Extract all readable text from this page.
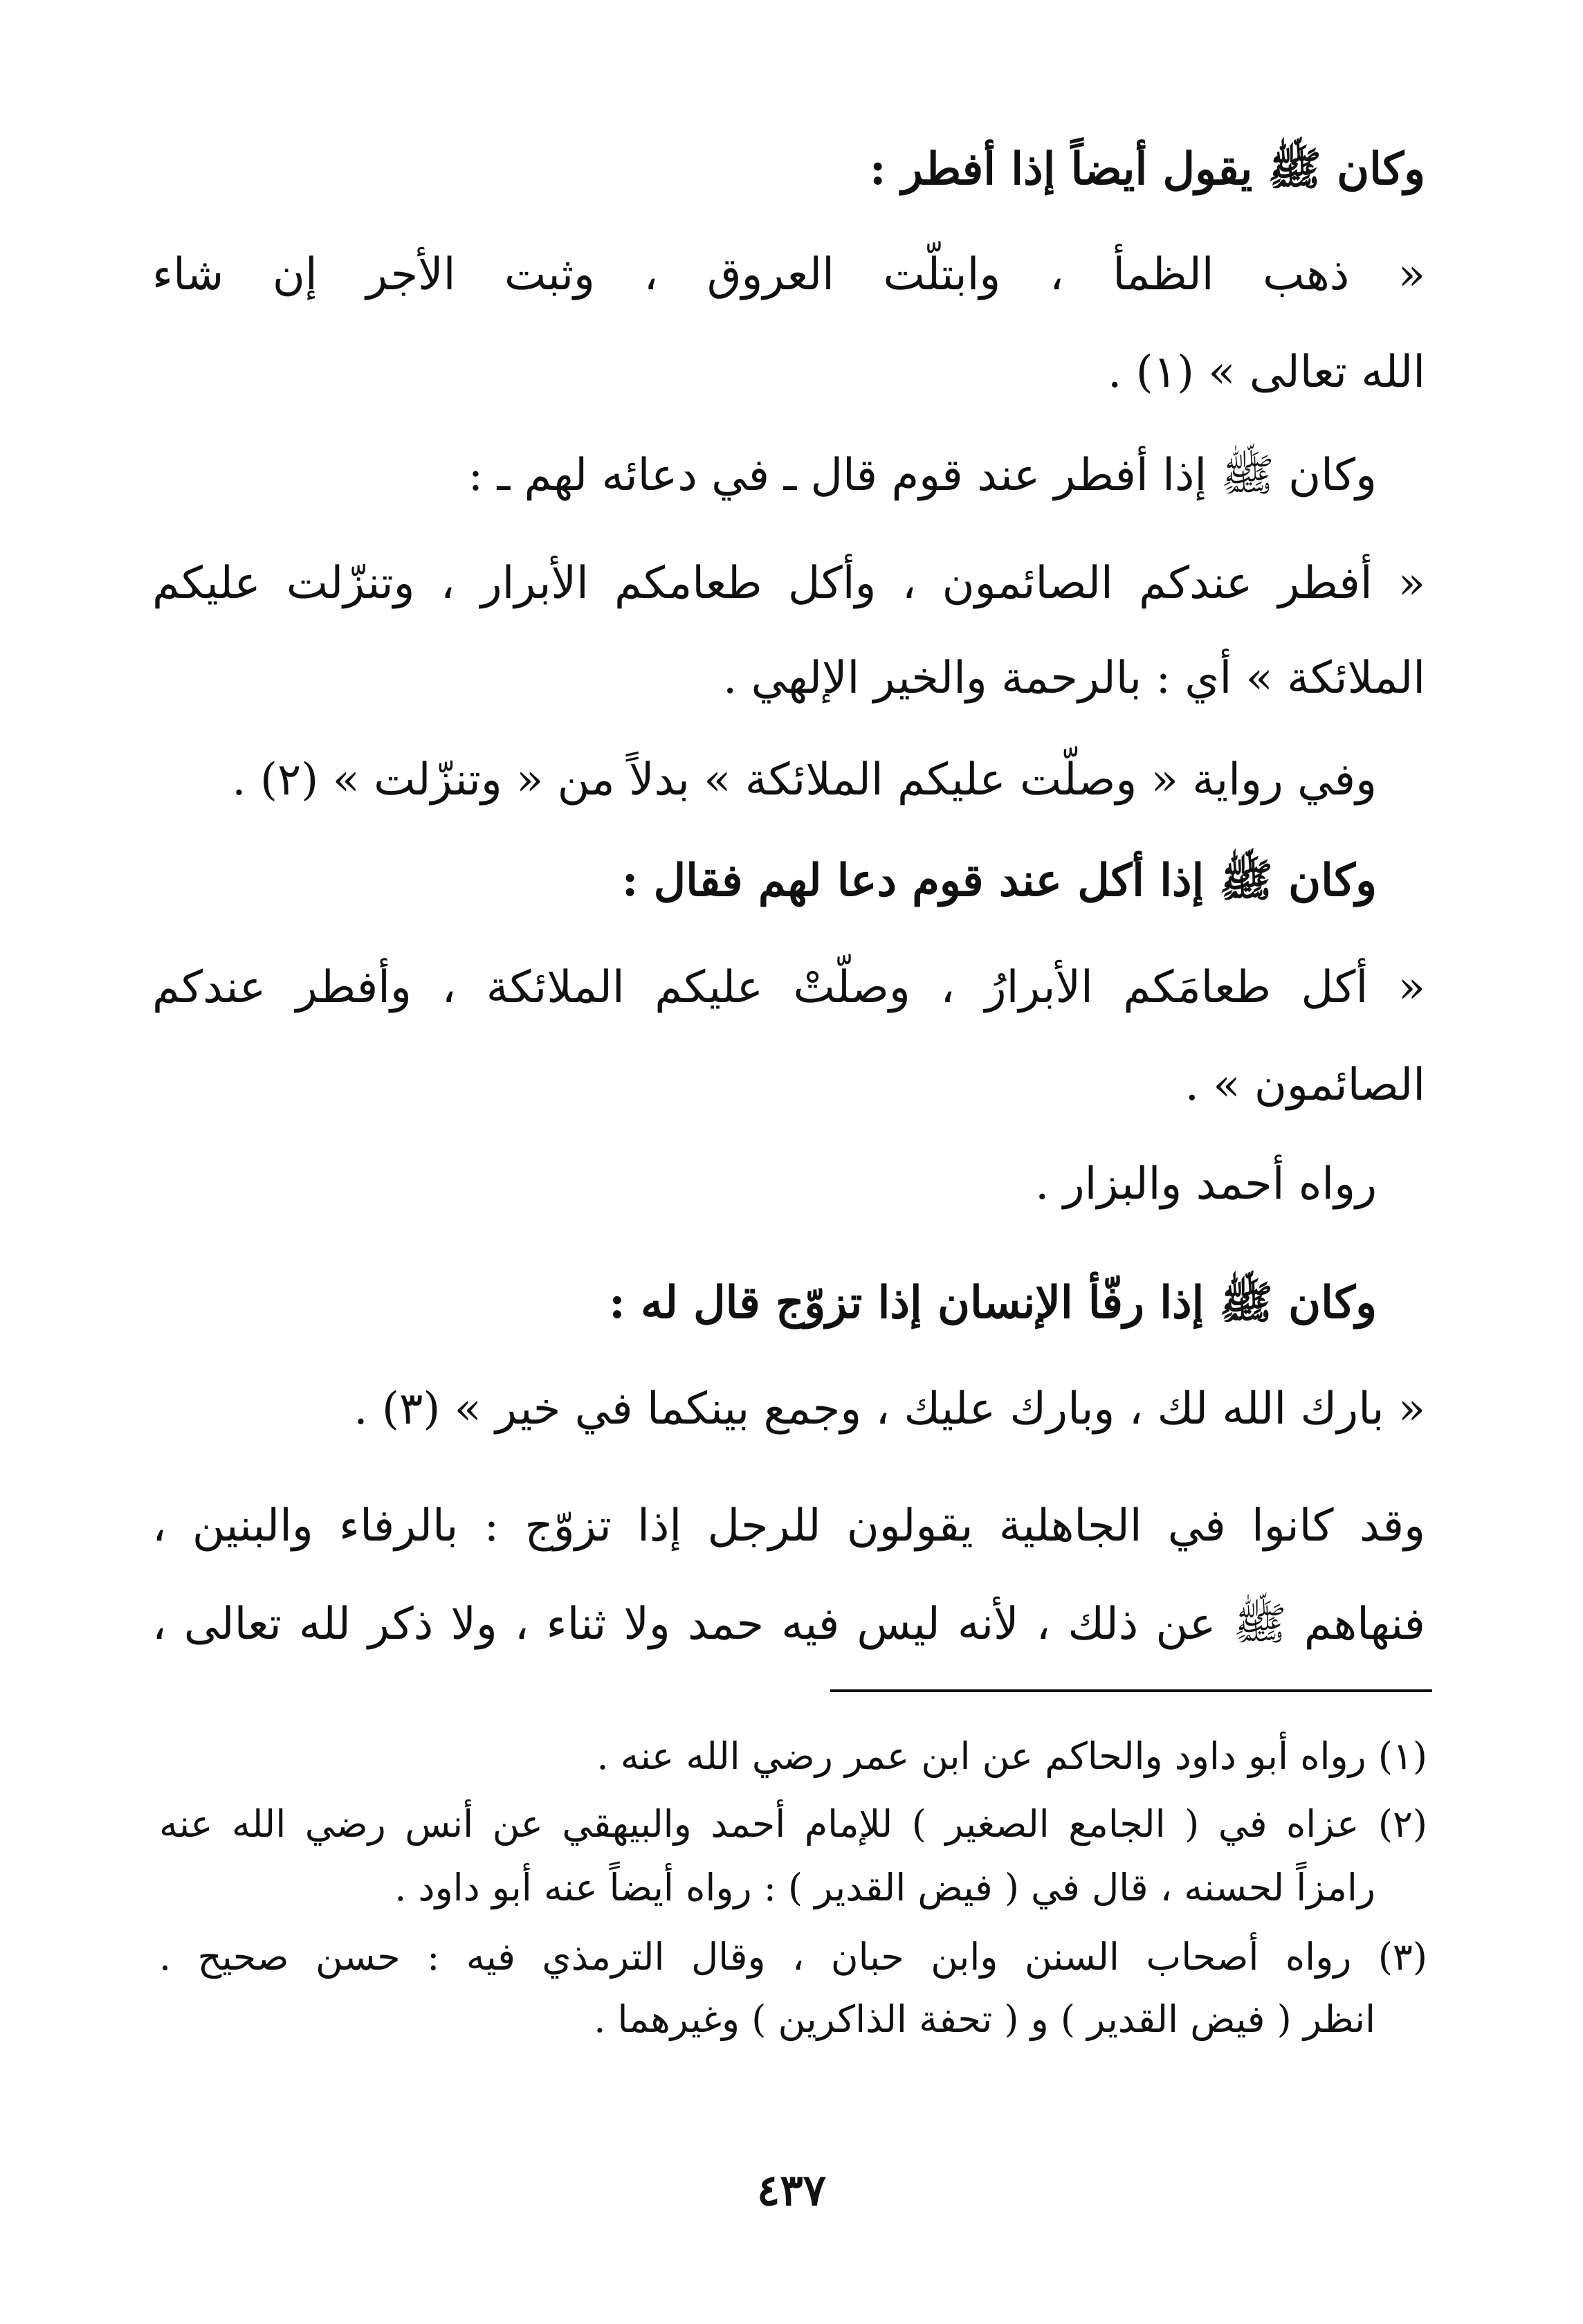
وكان ﷺ يقول أيضاً إذا أفطر :
« ذهب الظمأ ، وابتلّت العروق ، وثبت الأجر إن شاء
الله تعالى » (١) .
وكان ﷺ إذا أفطر عند قوم قال ـ في دعائه لهم ـ :
« أفطر عندكم الصائمون ، وأكل طعامكم الأبرار ، وتنزّلت عليكم
الملائكة » أي : بالرحمة والخير الإلهي .
وفي رواية « وصلّت عليكم الملائكة » بدلاً من « وتنزّلت » (٢) .
وكان ﷺ إذا أكل عند قوم دعا لهم فقال :
« أكل طعامَكم الأبرارُ ، وصلّتْ عليكم الملائكة ، وأفطر عندكم
الصائمون » .
رواه أحمد والبزار .
وكان ﷺ إذا رفّأ الإنسان إذا تزوّج قال له :
« بارك الله لك ، وبارك عليك ، وجمع بينكما في خير » (٣) .
وقد كانوا في الجاهلية يقولون للرجل إذا تزوّج : بالرفاء والبنين ،
فنهاهم ﷺ عن ذلك ، لأنه ليس فيه حمد ولا ثناء ، ولا ذكر لله تعالى ،
(١) رواه أبو داود والحاكم عن ابن عمر رضي الله عنه .
(٢) عزاه في ( الجامع الصغير ) للإمام أحمد والبيهقي عن أنس رضي الله عنه
رامزاً لحسنه ، قال في ( فيض القدير ) : رواه أيضاً عنه أبو داود .
(٣) رواه أصحاب السنن وابن حبان ، وقال الترمذي فيه : حسن صحيح .
انظر ( فيض القدير ) و ( تحفة الذاكرين ) وغيرهما .
٤٣٧
